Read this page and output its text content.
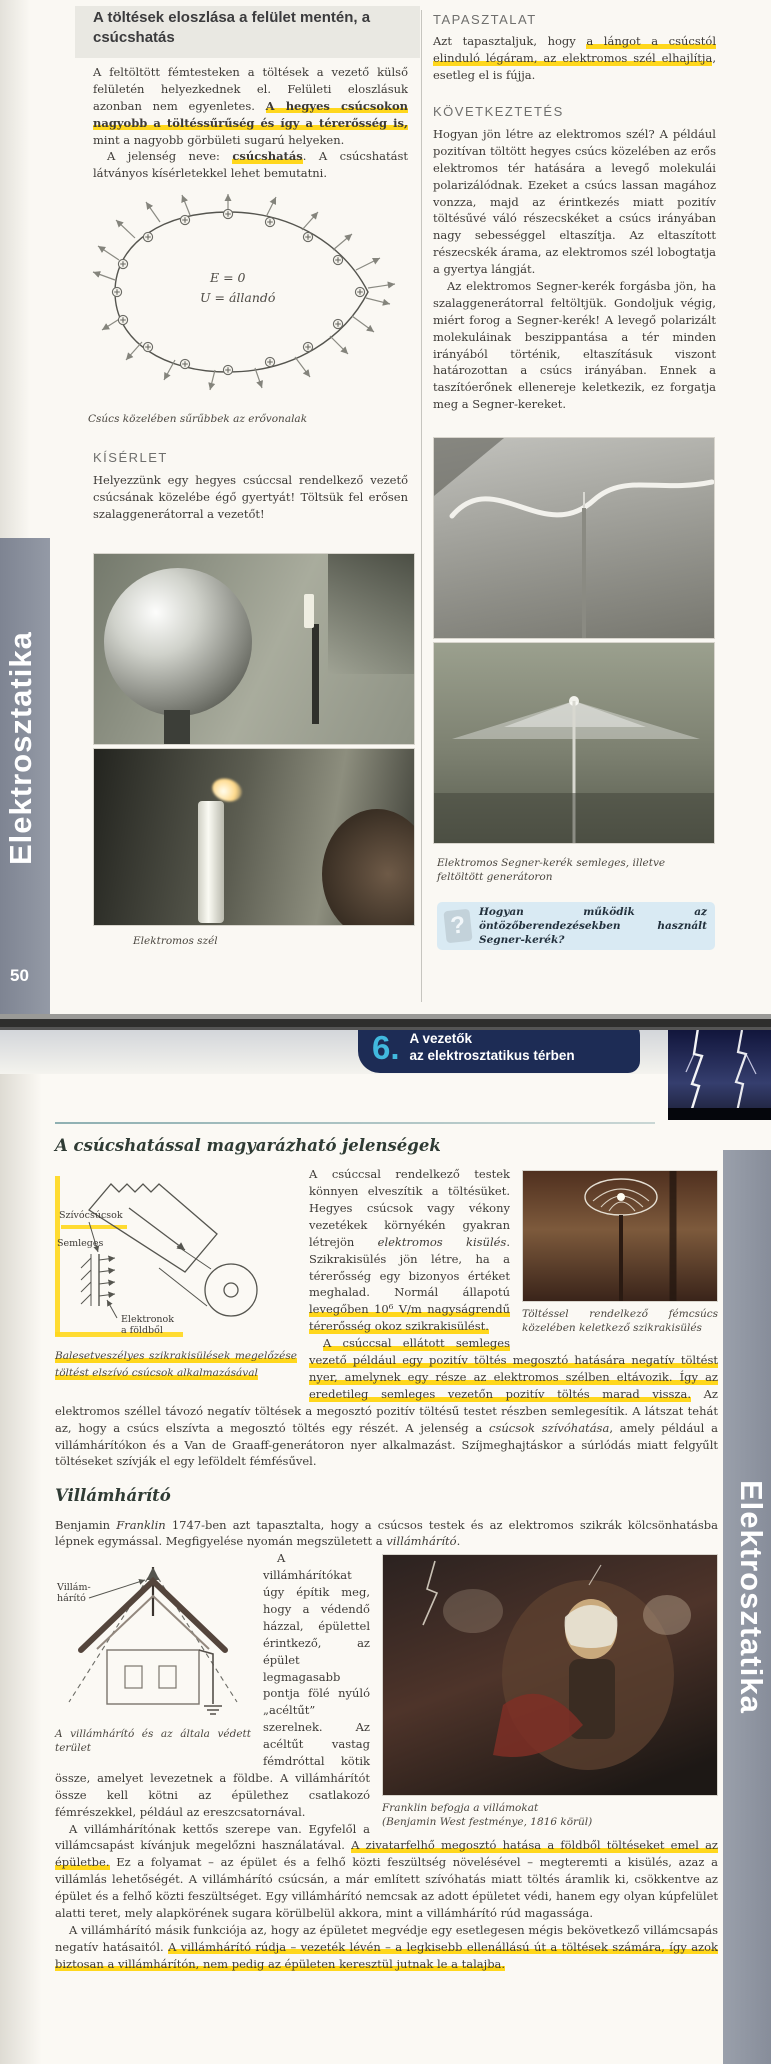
Elektrosztatika
50
A töltések eloszlása a felület mentén, a csúcshatás

A feltöltött fémtesteken a töltések a vezető külső felületén helyezkednek el. Felületi eloszlásuk azonban nem egyenletes. A hegyes csúcsokon nagyobb a töltéssűrűség és így a térerősség is, mint a nagyobb görbületi sugarú helyeken.

A jelenség neve: csúcshatás. A csúcshatást látványos kísérletekkel lehet bemutatni.

E = 0
U = állandó
Csúcs közelében sűrűbbek az erővonalak
KÍSÉRLET
Helyezzünk egy hegyes csúccsal rendelkező vezető csúcsának közelébe égő gyertyát! Töltsük fel erősen szalaggenerátorral a vezetőt!
Elektromos szél
TAPASZTALAT
Azt tapasztaljuk, hogy a lángot a csúcstól elinduló légáram, az elektromos szél elhajlítja, esetleg el is fújja.
KÖVETKEZTETÉS

Hogyan jön létre az elektromos szél? A például pozitívan töltött hegyes csúcs közelében az erős elektromos tér hatására a levegő molekulái polarizálódnak. Ezeket a csúcs lassan magához vonzza, majd az érintkezés miatt pozitív töltésűvé váló részecskéket a csúcs irányában nagy sebességgel eltaszítja. Az eltaszított részecskék árama, az elektromos szél lobogtatja a gyertya lángját.

Az elektromos Segner-kerék forgásba jön, ha szalaggenerátorral feltöltjük. Gondoljuk végig, miért forog a Segner-kerék! A levegő polarizált molekuláinak beszippantása a tér minden irányából történik, eltaszításuk viszont határozottan a csúcs irányában. Ennek a taszítóerőnek ellenereje keletkezik, ez forgatja meg a Segner-kereket.

Elektromos Segner-kerék semleges, illetve feltöltött generátoron
?	Hogyan működik az öntözőberendezésekben használt Segner-kerék?
6. A vezetők
az elektrosztatikus térben
Elektrosztatika
A csúcshatással magyarázható jelenségek
Töltéssel rendelkező fémcsúcs közelében keletkező szikrakisülés
Szívócsúcsok
Semleges
Elektronok
a földből
Balesetveszélyes szikrakisülések megelőzése töltést elszívó csúcsok alkalmazásával

A csúccsal rendelkező testek könnyen elveszítik a töltésüket. Hegyes csúcsok vagy vékony vezetékek környékén gyakran létrejön elektromos kisülés. Szikrakisülés jön létre, ha a térerősség egy bizonyos értéket meghalad. Normál állapotú levegőben 10⁶ V/m nagyságrendű térerősség okoz szikrakisülést.

A csúccsal ellátott semleges vezető például egy pozitív töltés megosztó hatására negatív töltést nyer, amelynek egy része az elektromos szélben eltávozik. Így az eredetileg semleges vezetőn pozitív töltés marad vissza. Az elektromos széllel távozó negatív töltések a megosztó pozitív töltésű testet részben semlegesítik. A látszat tehát az, hogy a csúcs elszívta a megosztó töltés egy részét. A jelenség a csúcsok szívóhatása, amely például a villámhárítókon és a Van de Graaff-generátoron nyer alkalmazást. Szíjmeghajtáskor a súrlódás miatt felgyűlt töltéseket szívják el egy leföldelt fémfésűvel.

Villámhárító

Benjamin Franklin 1747-ben azt tapasztalta, hogy a csúcsos testek és az elektromos szikrák kölcsönhatásba lépnek egymással. Megfigyelése nyomán megszületett a villámhárító.

Villám-
hárító
A villámhárító és az általa védett terület
Franklin befogja a villámokat
(Benjamin West festménye, 1816 körül)

A villámhárítókat úgy építik meg, hogy a védendő házzal, épülettel érintkező, az épület legmagasabb pontja fölé nyúló „acéltűt” szerelnek. Az acéltűt vastag fémdróttal kötik össze, amelyet levezetnek a földbe. A villámhárítót össze kell kötni az épülethez csatlakozó fémrészekkel, például az ereszcsatornával.

A villámhárítónak kettős szerepe van. Egyfelől a villámcsapást kívánjuk megelőzni használatával. A zivatarfelhő megosztó hatása a földből töltéseket emel az épületbe. Ez a folyamat – az épület és a felhő közti feszültség növelésével – megteremti a kisülés, azaz a villámlás lehetőségét. A villámhárító csúcsán, a már említett szívóhatás miatt töltés áramlik ki, csökkentve az épület és a felhő közti feszültséget. Egy villámhárító nemcsak az adott épületet védi, hanem egy olyan kúpfelület alatti teret, mely alapkörének sugara körülbelül akkora, mint a villámhárító rúd magassága.

A villámhárító másik funkciója az, hogy az épületet megvédje egy esetlegesen mégis bekövetkező villámcsapás negatív hatásaitól. A villámhárító rúdja – vezeték lévén – a legkisebb ellenállású út a töltések számára, így azok biztosan a villámhárítón, nem pedig az épületen keresztül jutnak le a talajba.
